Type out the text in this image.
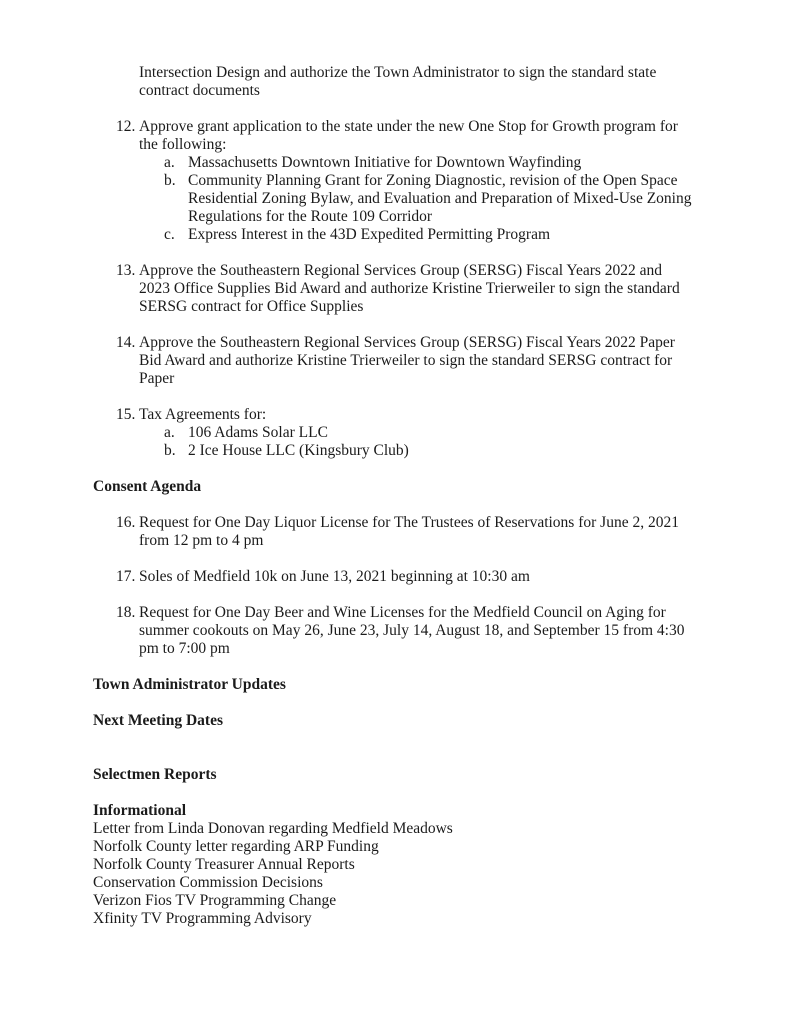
Intersection Design and authorize the Town Administrator to sign the standard state contract documents

12. Approve grant application to the state under the new One Stop for Growth program for the following:
a. Massachusetts Downtown Initiative for Downtown Wayfinding
b. Community Planning Grant for Zoning Diagnostic, revision of the Open Space Residential Zoning Bylaw, and Evaluation and Preparation of Mixed-Use Zoning Regulations for the Route 109 Corridor
c. Express Interest in the 43D Expedited Permitting Program
13. Approve the Southeastern Regional Services Group (SERSG) Fiscal Years 2022 and 2023 Office Supplies Bid Award and authorize Kristine Trierweiler to sign the standard SERSG contract for Office Supplies
14. Approve the Southeastern Regional Services Group (SERSG) Fiscal Years 2022 Paper Bid Award and authorize Kristine Trierweiler to sign the standard SERSG contract for Paper
15. Tax Agreements for:
a. 106 Adams Solar LLC
b. 2 Ice House LLC (Kingsbury Club)
Consent Agenda
16. Request for One Day Liquor License for The Trustees of Reservations for June 2, 2021 from 12 pm to 4 pm
17. Soles of Medfield 10k on June 13, 2021 beginning at 10:30 am
18. Request for One Day Beer and Wine Licenses for the Medfield Council on Aging for summer cookouts on May 26, June 23, July 14, August 18, and September 15 from 4:30 pm to 7:00 pm
Town Administrator Updates
Next Meeting Dates
Selectmen Reports
Informational
Letter from Linda Donovan regarding Medfield Meadows
Norfolk County letter regarding ARP Funding
Norfolk County Treasurer Annual Reports
Conservation Commission Decisions
Verizon Fios TV Programming Change
Xfinity TV Programming Advisory
